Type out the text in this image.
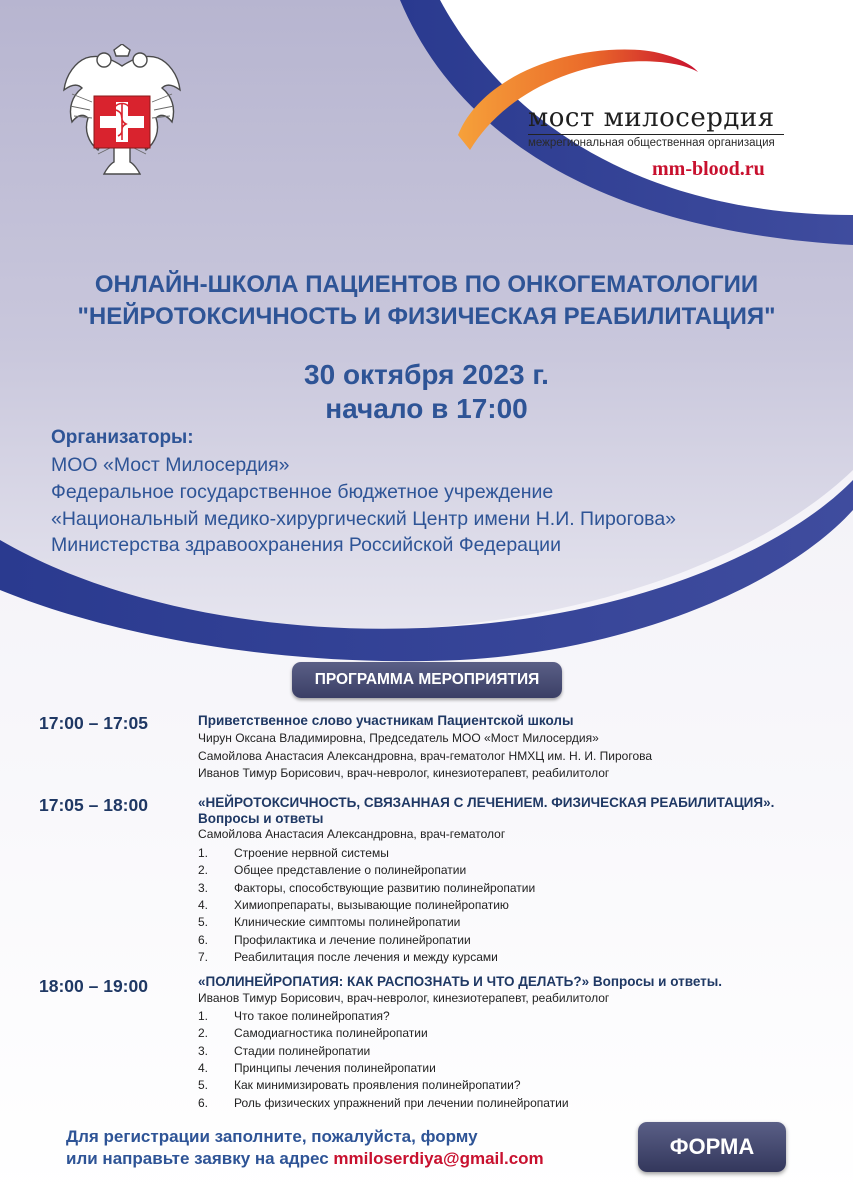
мост милосердия
межрегиональная общественная организация
mm-blood.ru
ОНЛАЙН-ШКОЛА ПАЦИЕНТОВ ПО ОНКОГЕМАТОЛОГИИ
"НЕЙРОТОКСИЧНОСТЬ И ФИЗИЧЕСКАЯ РЕАБИЛИТАЦИЯ"
30 октября 2023 г.
начало в 17:00
Организаторы:
МОО «Мост Милосердия»
Федеральное государственное бюджетное учреждение
«Национальный медико-хирургический Центр имени Н.И. Пирогова»
Министерства здравоохранения Российской Федерации
ПРОГРАММА МЕРОПРИЯТИЯ
17:00 – 17:05	Приветственное слово участникам Пациентской школы
Чирун Оксана Владимировна, Председатель МОО «Мост Милосердия»
Самойлова Анастасия Александровна, врач-гематолог НМХЦ им. Н. И. Пирогова
Иванов Тимур Борисович, врач-невролог, кинезиотерапевт, реабилитолог
17:05 – 18:00	«НЕЙРОТОКСИЧНОСТЬ, СВЯЗАННАЯ С ЛЕЧЕНИЕМ. ФИЗИЧЕСКАЯ РЕАБИЛИТАЦИЯ».
Вопросы и ответы
Самойлова Анастасия Александровна, врач-гематолог
1. Строение нервной системы
2. Общее представление о полинейропатии
3. Факторы, способствующие развитию полинейропатии
4. Химиопрепараты, вызывающие полинейропатию
5. Клинические симптомы полинейропатии
6. Профилактика и лечение полинейропатии
7. Реабилитация после лечения и между курсами
18:00 – 19:00	«ПОЛИНЕЙРОПАТИЯ: КАК РАСПОЗНАТЬ И ЧТО ДЕЛАТЬ?» Вопросы и ответы.
Иванов Тимур Борисович, врач-невролог, кинезиотерапевт, реабилитолог
1. Что такое полинейропатия?
2. Самодиагностика полинейропатии
3. Стадии полинейропатии
4. Принципы лечения полинейропатии
5. Как минимизировать проявления полинейропатии?
6. Роль физических упражнений при лечении полинейропатии
Для регистрации заполните, пожалуйста, форму
или направьте заявку на адрес mmiloserdiya@gmail.com	ФОРМА
